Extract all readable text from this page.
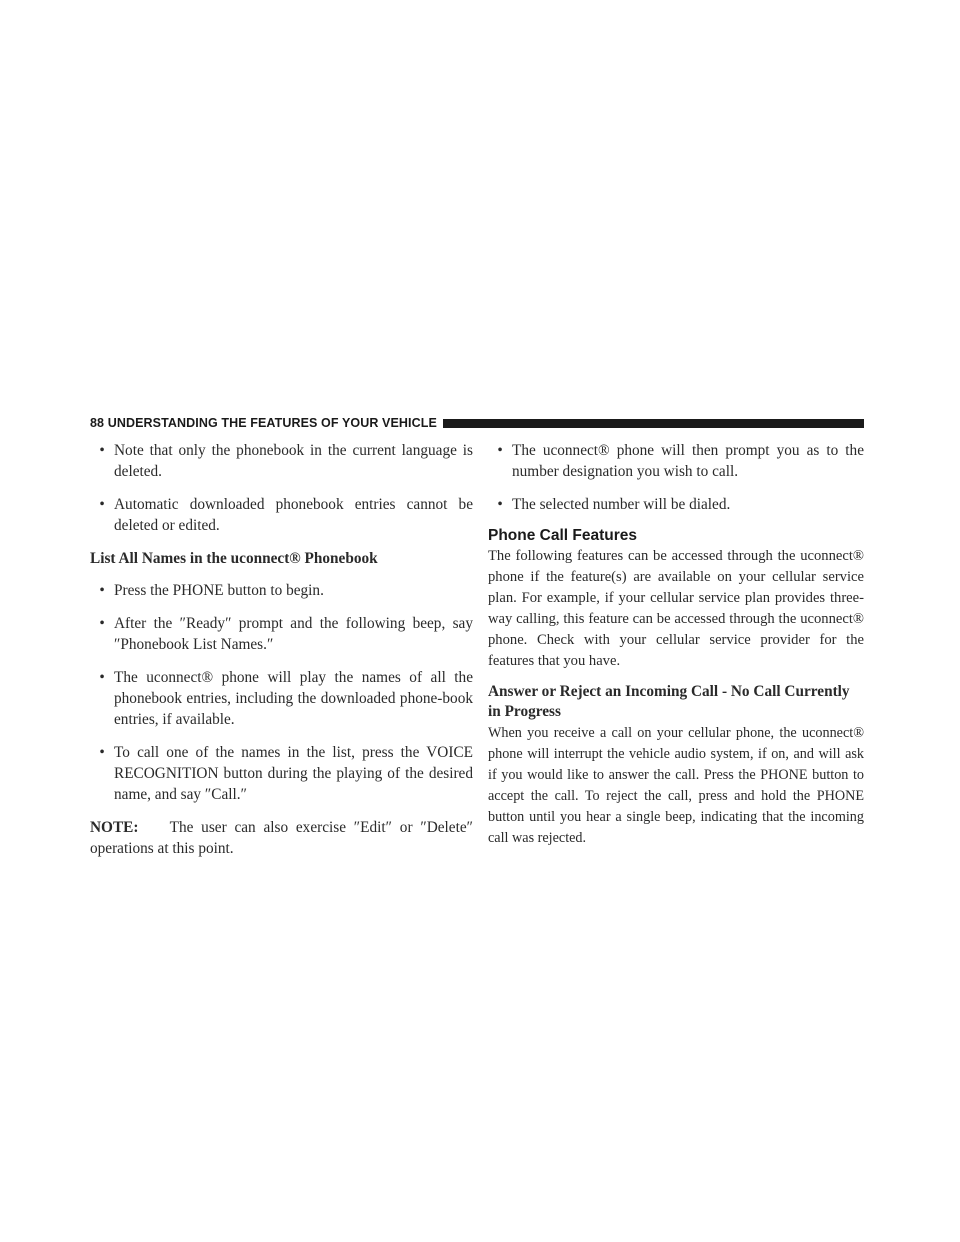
88 UNDERSTANDING THE FEATURES OF YOUR VEHICLE
•
Note that only the phonebook in the current language is deleted.
•
Automatic downloaded phonebook entries cannot be deleted or edited.
List All Names in the uconnect® Phonebook
•
Press the PHONE button to begin.
•
After the ″Ready″ prompt and the following beep, say ″Phonebook List Names.″
•
The uconnect® phone will play the names of all the phonebook entries, including the downloaded phone-book entries, if available.
•
To call one of the names in the list, press the VOICE RECOGNITION button during the playing of the desired name, and say ″Call.″

NOTE: The user can also exercise ″Edit″ or ″Delete″ operations at this point.

•
The uconnect® phone will then prompt you as to the number designation you wish to call.
•
The selected number will be dialed.
Phone Call Features

The following features can be accessed through the uconnect® phone if the feature(s) are available on your cellular service plan. For example, if your cellular service plan provides three-way calling, this feature can be accessed through the uconnect® phone. Check with your cellular service provider for the features that you have.

Answer or Reject an Incoming Call - No Call Currently in Progress

When you receive a call on your cellular phone, the uconnect® phone will interrupt the vehicle audio system, if on, and will ask if you would like to answer the call. Press the PHONE button to accept the call. To reject the call, press and hold the PHONE button until you hear a single beep, indicating that the incoming call was rejected.
